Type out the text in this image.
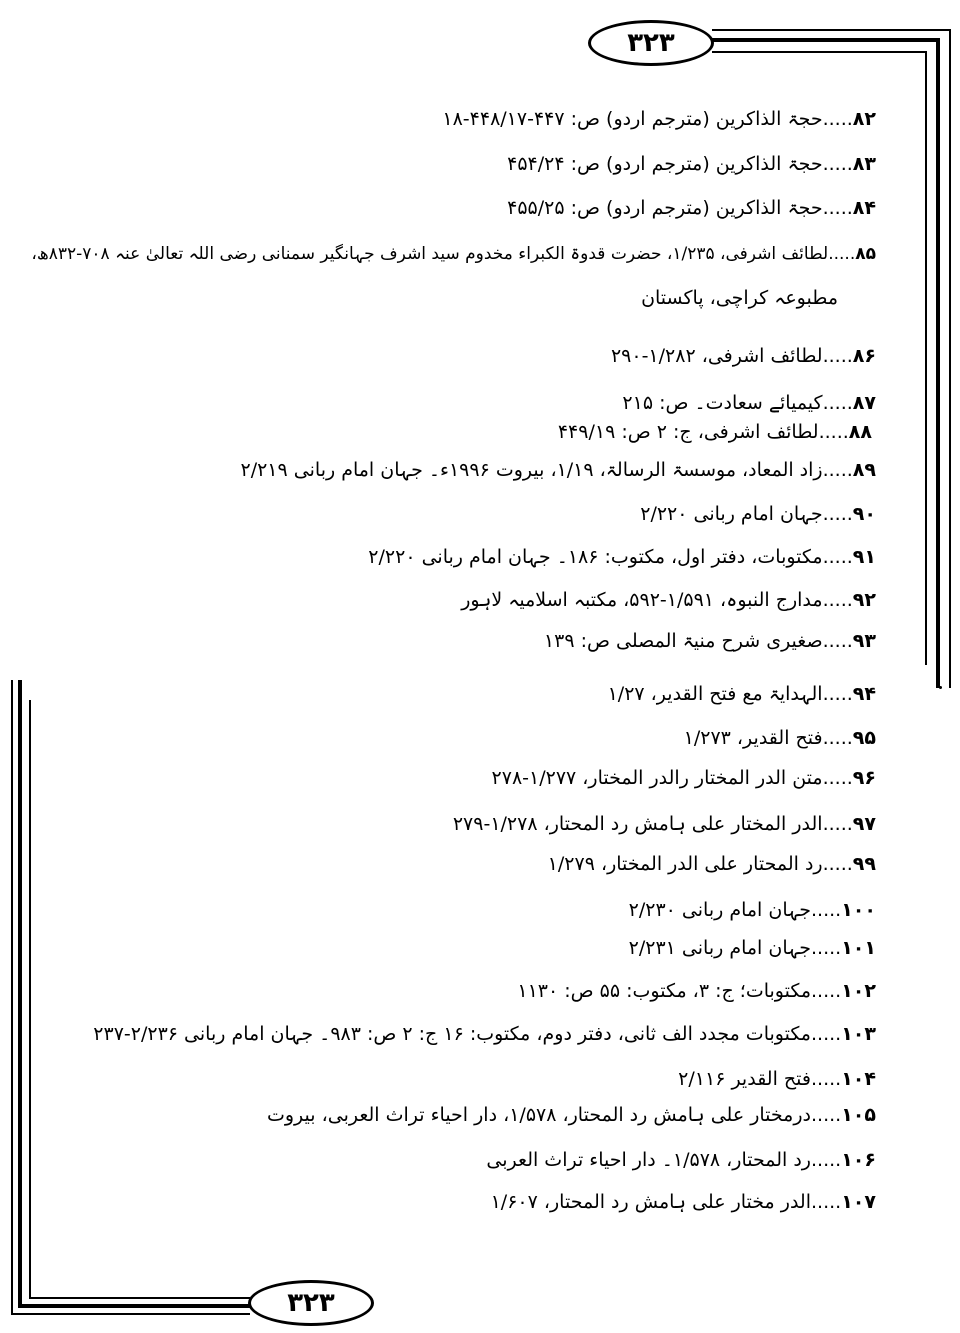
۳۲۳
۳۲۳
۸۲.....حجۃ الذاکرین (مترجم اردو) ص: ۴۴۷-۴۴۸/۱۷-۱۸
۸۳.....حجۃ الذاکرین (مترجم اردو) ص: ۴۵۴/۲۴
۸۴.....حجۃ الذاکرین (مترجم اردو) ص: ۴۵۵/۲۵
۸۵.....لطائف اشرفی، ۱/۲۳۵، حضرت قدوۃ الکبراء مخدوم سید اشرف جہانگیر سمنانی رضی اللہ تعالیٰ عنہ ۷۰۸-۸۳۲ھ،
مطبوعہ کراچی، پاکستان
۸۶.....لطائف اشرفی، ۱/۲۸۲-۲۹۰
۸۷.....کیمیائے سعادت۔ ص: ۲۱۵
۸۸.....لطائف اشرفی، ج: ۲ ص: ۴۴۹/۱۹
۸۹.....زاد المعاد، موسسۃ الرسالۃ، ۱/۱۹، بیروت ۱۹۹۶ء۔ جہان امام ربانی ۲/۲۱۹
۹۰.....جہان امام ربانی ۲/۲۲۰
۹۱.....مکتوبات، دفتر اول، مکتوب: ۱۸۶۔ جہان امام ربانی ۲/۲۲۰
۹۲.....مدارج النبوہ، ۱/۵۹۱-۵۹۲، مکتبہ اسلامیہ لاہور
۹۳.....صغیری شرح منیۃ المصلی ص: ۱۳۹
۹۴.....الہدایۃ مع فتح القدیر، ۱/۲۷
۹۵.....فتح القدیر، ۱/۲۷۳
۹۶.....متن الدر المختار رالدر المختار، ۱/۲۷۷-۲۷۸
۹۷.....الدر المختار علی ہامش رد المحتار، ۱/۲۷۸-۲۷۹
۹۹.....رد المحتار علی الدر المختار، ۱/۲۷۹
۱۰۰.....جہان امام ربانی ۲/۲۳۰
۱۰۱.....جہان امام ربانی ۲/۲۳۱
۱۰۲.....مکتوبات؛ ج: ۳، مکتوب: ۵۵ ص: ۱۱۳۰
۱۰۳.....مکتوبات مجدد الف ثانی، دفتر دوم، مکتوب: ۱۶ ج: ۲ ص: ۹۸۳۔ جہان امام ربانی ۲/۲۳۶-۲۳۷
۱۰۴.....فتح القدیر ۲/۱۱۶
۱۰۵.....درمختار علی ہامش رد المحتار، ۱/۵۷۸، دار احیاء تراث العربی، بیروت
۱۰۶.....رد المحتار، ۱/۵۷۸۔ دار احیاء تراث العربی
۱۰۷.....الدر مختار علی ہامش رد المحتار، ۱/۶۰۷
